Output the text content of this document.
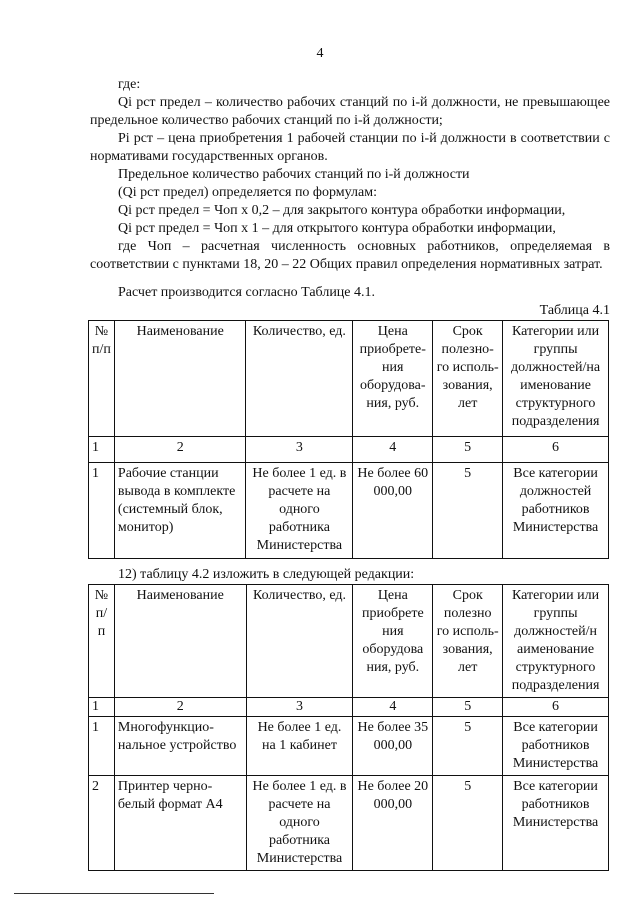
4
где:
Qi рст предел – количество рабочих станций по i-й должности, не превышающее предельное количество рабочих станций по i-й должности;
Pi рст – цена приобретения 1 рабочей станции по i-й должности в соответствии с нормативами государственных органов.
Предельное количество рабочих станций по i-й должности
(Qi рст предел) определяется по формулам:
Qi рст предел = Чоп х 0,2 – для закрытого контура обработки информации,
Qi рст предел = Чоп х 1 – для открытого контура обработки информации,
где Чоп – расчетная численность основных работников, определяемая в соответствии с пунктами 18, 20 – 22 Общих правил определения нормативных затрат.
Расчет производится согласно Таблице 4.1.
Таблица 4.1
№ п/п	Наименование	Количество, ед.	Цена приобрете-ния оборудова-ния, руб.	Срок полезно-го исполь-зования, лет	Категории или группы должностей/на именование структурного подразделения
1	2	3	4	5	6
1	Рабочие станции вывода в комплекте (системный блок, монитор)	Не более 1 ед. в расчете на одного работника Министерства	Не более 60 000,00	5	Все категории должностей работников Министерства
12) таблицу 4.2 изложить в следующей редакции:
№ п/ п	Наименование	Количество, ед.	Цена приобрете ния оборудова ния, руб.	Срок полезно го исполь-зования, лет	Категории или группы должностей/н аименование структурного подразделения
1	2	3	4	5	6
1	Многофункцио-нальное устройство	Не более 1 ед. на 1 кабинет	Не более 35 000,00	5	Все категории работников Министерства
2	Принтер черно-белый формат А4	Не более 1 ед. в расчете на одного работника Министерства	Не более 20 000,00	5	Все категории работников Министерства
